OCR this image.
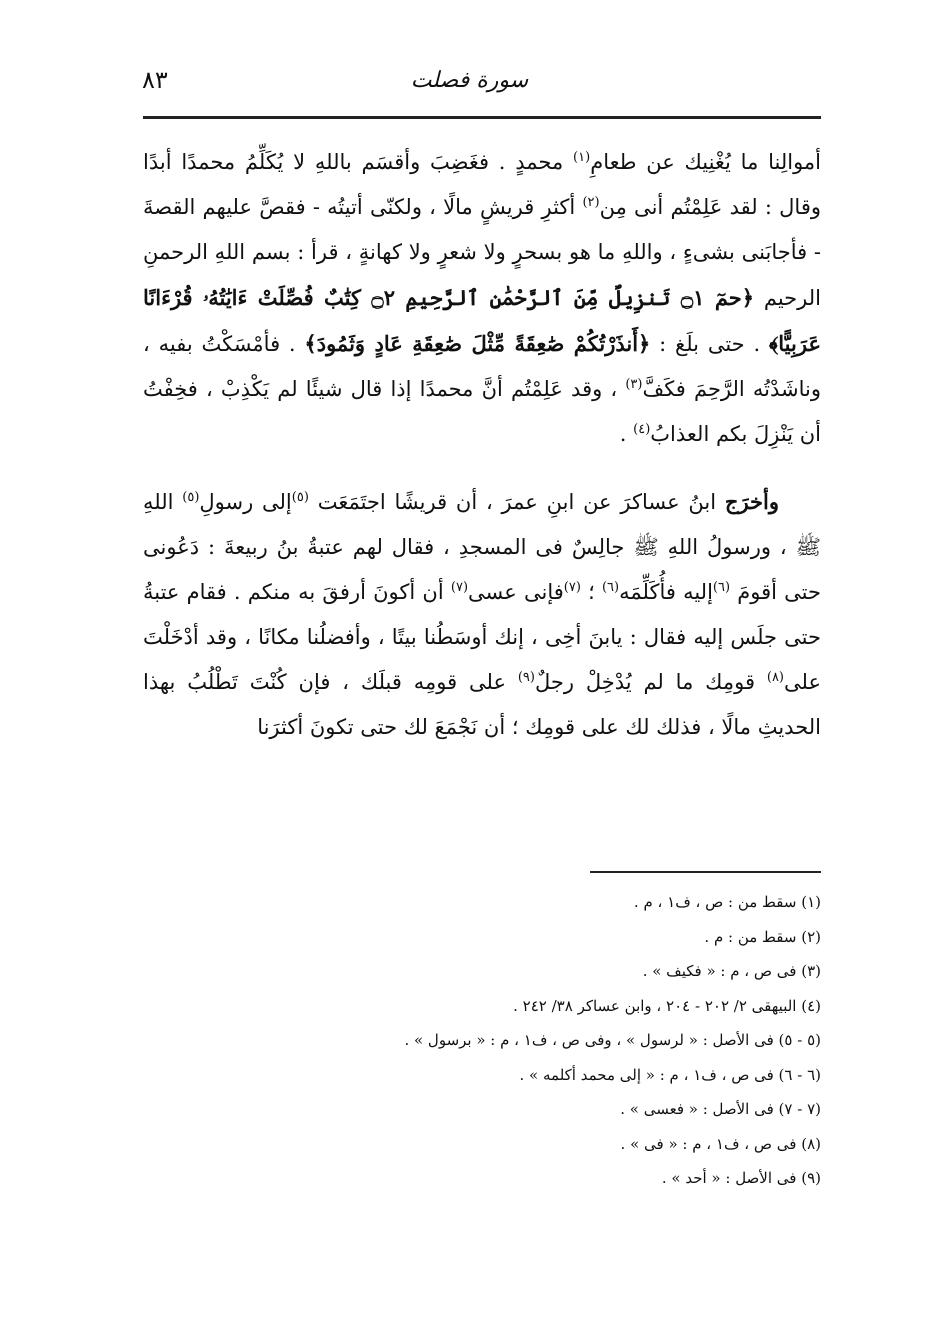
٨٣	سورة فصلت

أموالِنا ما يُغْنِيك عن طعامِ$^{(١)}$ محمدٍ . فغَضِبَ وأقسَم باللهِ لا يُكَلِّمُ محمدًا أبدًا وقال : لقد عَلِمْتُم أنى مِن$^{(٢)}$ أكثرِ قريشٍ مالًا ، ولكنّى أتيتُه - فقصَّ عليهم القصةَ - فأجابَنى بشىءٍ ، واللهِ ما هو بسحرٍ ولا شعرٍ ولا كهانةٍ ، قرأ : بسم اللهِ الرحمنِ الرحيم ﴿حمٓ ۝١ تَنزِيلٌ مِّنَ ٱلرَّحْمَٰنِ ٱلرَّحِيمِ ۝٢ كِتَٰبٌ فُصِّلَتْ ءَايَٰتُهُۥ قُرْءَانًا عَرَبِيًّا﴾ . حتى بلَغ : ﴿أَنذَرْتُكُمْ صَٰعِقَةً مِّثْلَ صَٰعِقَةِ عَادٍ وَثَمُودَ﴾ . فأمْسَكْتُ بفيه ، وناشَدْتُه الرَّحِمَ فكَفَّ$^{(٣)}$ ، وقد عَلِمْتُم أنَّ محمدًا إذا قال شيئًا لم يَكْذِبْ ، فخِفْتُ أن يَنْزِلَ بكم العذابُ$^{(٤)}$ .

وأخرَج ابنُ عساكرَ عن ابنِ عمرَ ، أن قريشًا اجتَمَعَت $^{(٥)}$إلى رسولِ$^{(٥)}$ اللهِ ﷺ ، ورسولُ اللهِ ﷺ جالِسٌ فى المسجدِ ، فقال لهم عتبةُ بنُ ربيعةَ : دَعُونى حتى أقومَ $^{(٦)}$إليه فأُكَلِّمَه$^{(٦)}$ ؛ $^{(٧)}$فإنى عسى$^{(٧)}$ أن أكونَ أرفقَ به منكم . فقام عتبةُ حتى جلَس إليه فقال : يابنَ أخِى ، إنك أوسَطُنا بيتًا ، وأفضلُنا مكانًا ، وقد أدْخَلْتَ على$^{(٨)}$ قومِك ما لم يُدْخِلْ رجلٌ$^{(٩)}$ على قومِه قبلَك ، فإن كُنْتَ تَطْلُبُ بهذا الحديثِ مالًا ، فذلك لك على قومِك ؛ أن نَجْمَعَ لك حتى تكونَ أكثرَنا

(١) سقط من : ص ، ف١ ، م .
(٢) سقط من : م .
(٣) فى ص ، م : « فكيف » .
(٤) البيهقى ٢/ ٢٠٢ - ٢٠٤ ، وابن عساكر ٣٨/ ٢٤٢ .
(٥ - ٥) فى الأصل : « لرسول » ، وفى ص ، ف١ ، م : « برسول » .
(٦ - ٦) فى ص ، ف١ ، م : « إلى محمد أكلمه » .
(٧ - ٧) فى الأصل : « فعسى » .
(٨) فى ص ، ف١ ، م : « فى » .
(٩) فى الأصل : « أحد » .
